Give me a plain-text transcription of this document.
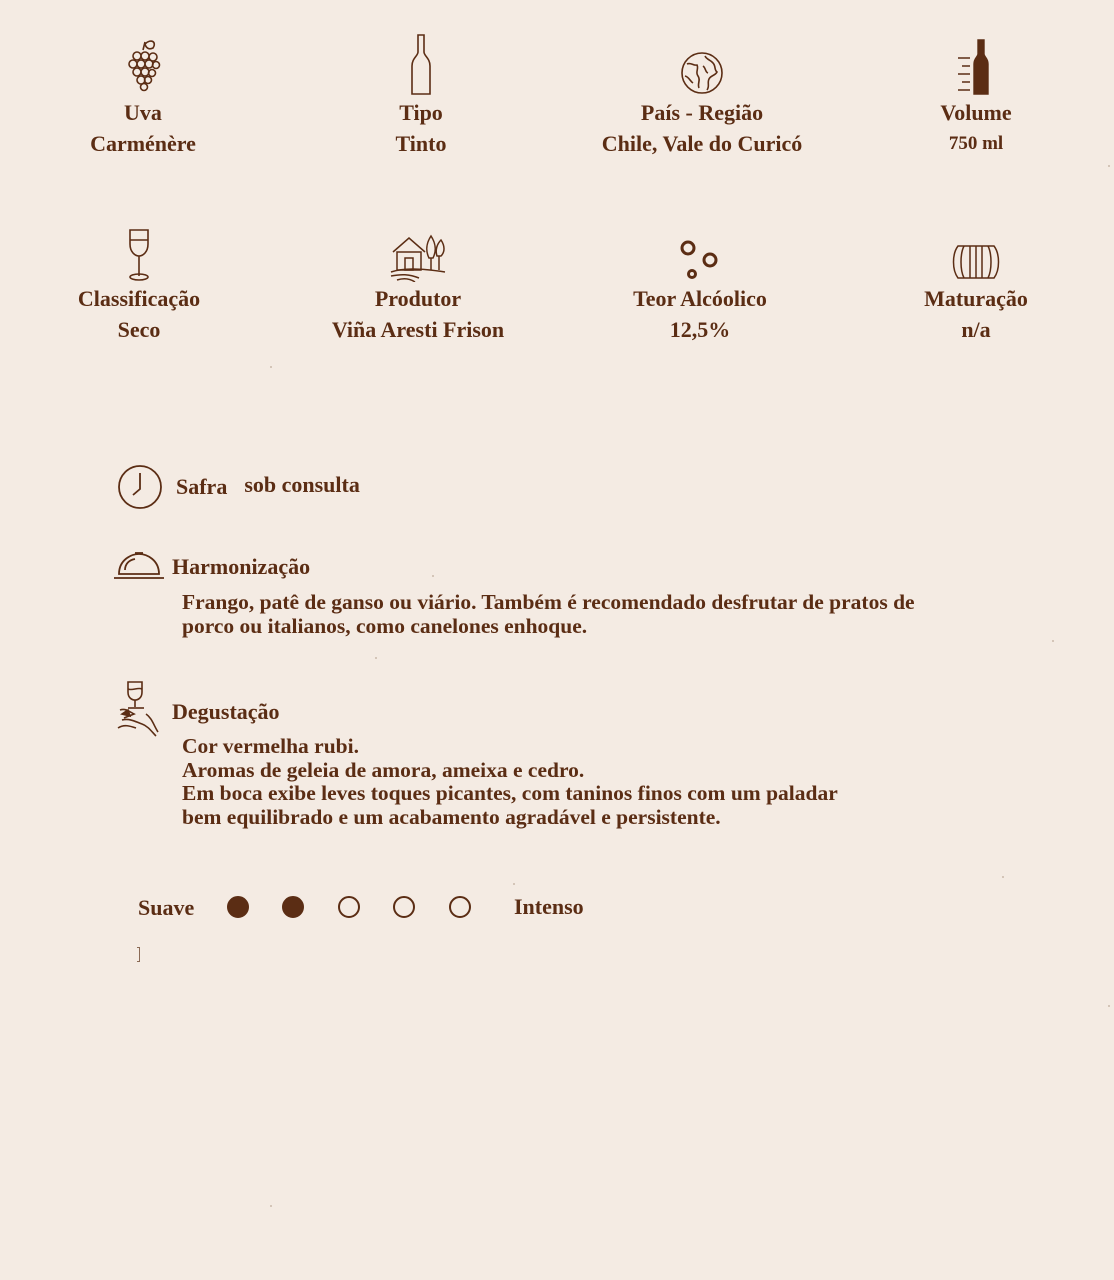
Uva
Carménère
Tipo
Tinto
País - Região
Chile, Vale do Curicó
Volume
750 ml
Classificação
Seco
Produtor
Viña Aresti Frison
Teor Alcóolico
12,5%
Maturação
n/a
Safra sob consulta
Harmonização
Frango, patê de ganso ou viário. Também é recomendado desfrutar de pratos de
porco ou italianos, como canelones enhoque.
Degustação
Cor vermelha rubi.
Aromas de geleia de amora, ameixa e cedro.
Em boca exibe leves toques picantes, com taninos finos com um paladar
bem equilibrado e um acabamento agradável e persistente.
Suave	Intenso
